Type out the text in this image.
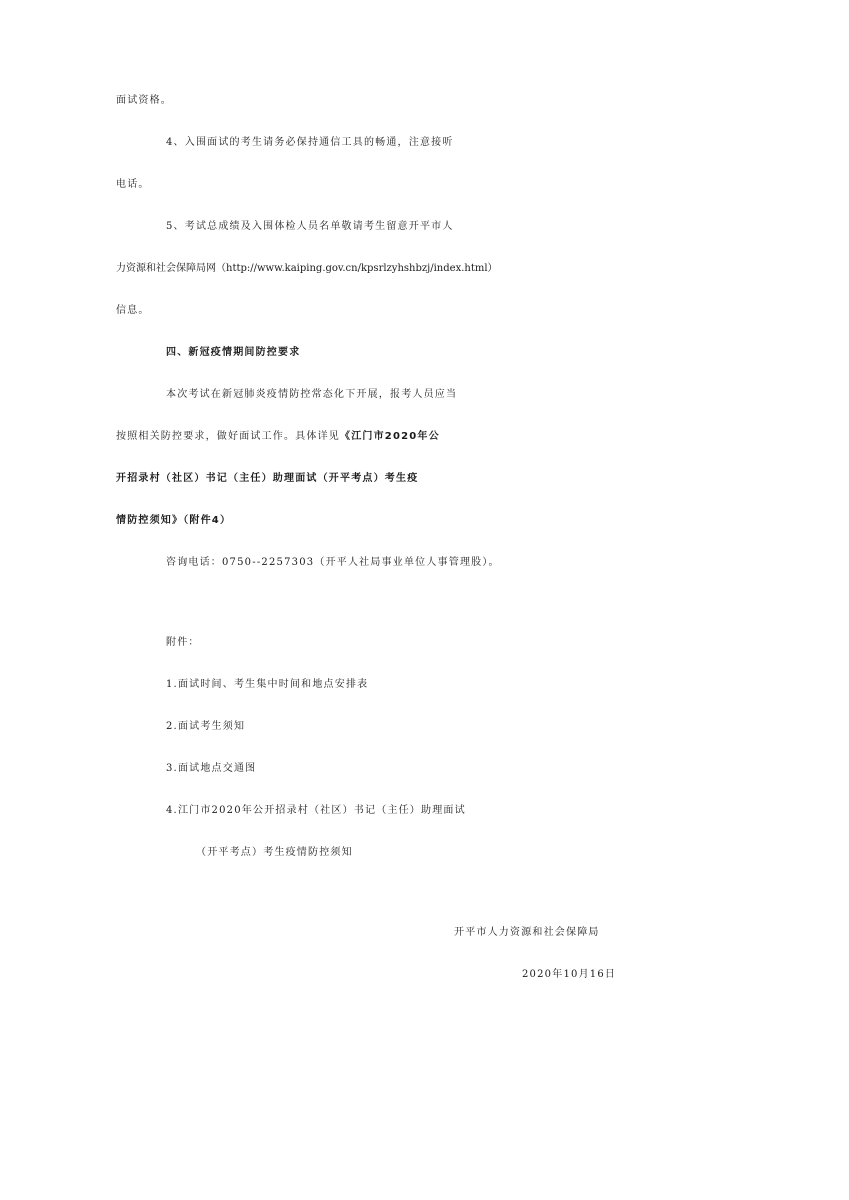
面试资格。
4、入围面试的考生请务必保持通信工具的畅通，注意接听
电话。
5、考试总成绩及入围体检人员名单敬请考生留意开平市人
力资源和社会保障局网（http://www.kaiping.gov.cn/kpsrlzyhshbzj/index.html）
信息。
四、新冠疫情期间防控要求
本次考试在新冠肺炎疫情防控常态化下开展，报考人员应当
按照相关防控要求，做好面试工作。具体详见《江门市2020年公
开招录村（社区）书记（主任）助理面试（开平考点）考生疫
情防控须知》（附件4）
咨询电话：0750--2257303（开平人社局事业单位人事管理股）。
附件：
1.面试时间、考生集中时间和地点安排表
2.面试考生须知
3.面试地点交通图
4.江门市2020年公开招录村（社区）书记（主任）助理面试
（开平考点）考生疫情防控须知
开平市人力资源和社会保障局
2020年10月16日
